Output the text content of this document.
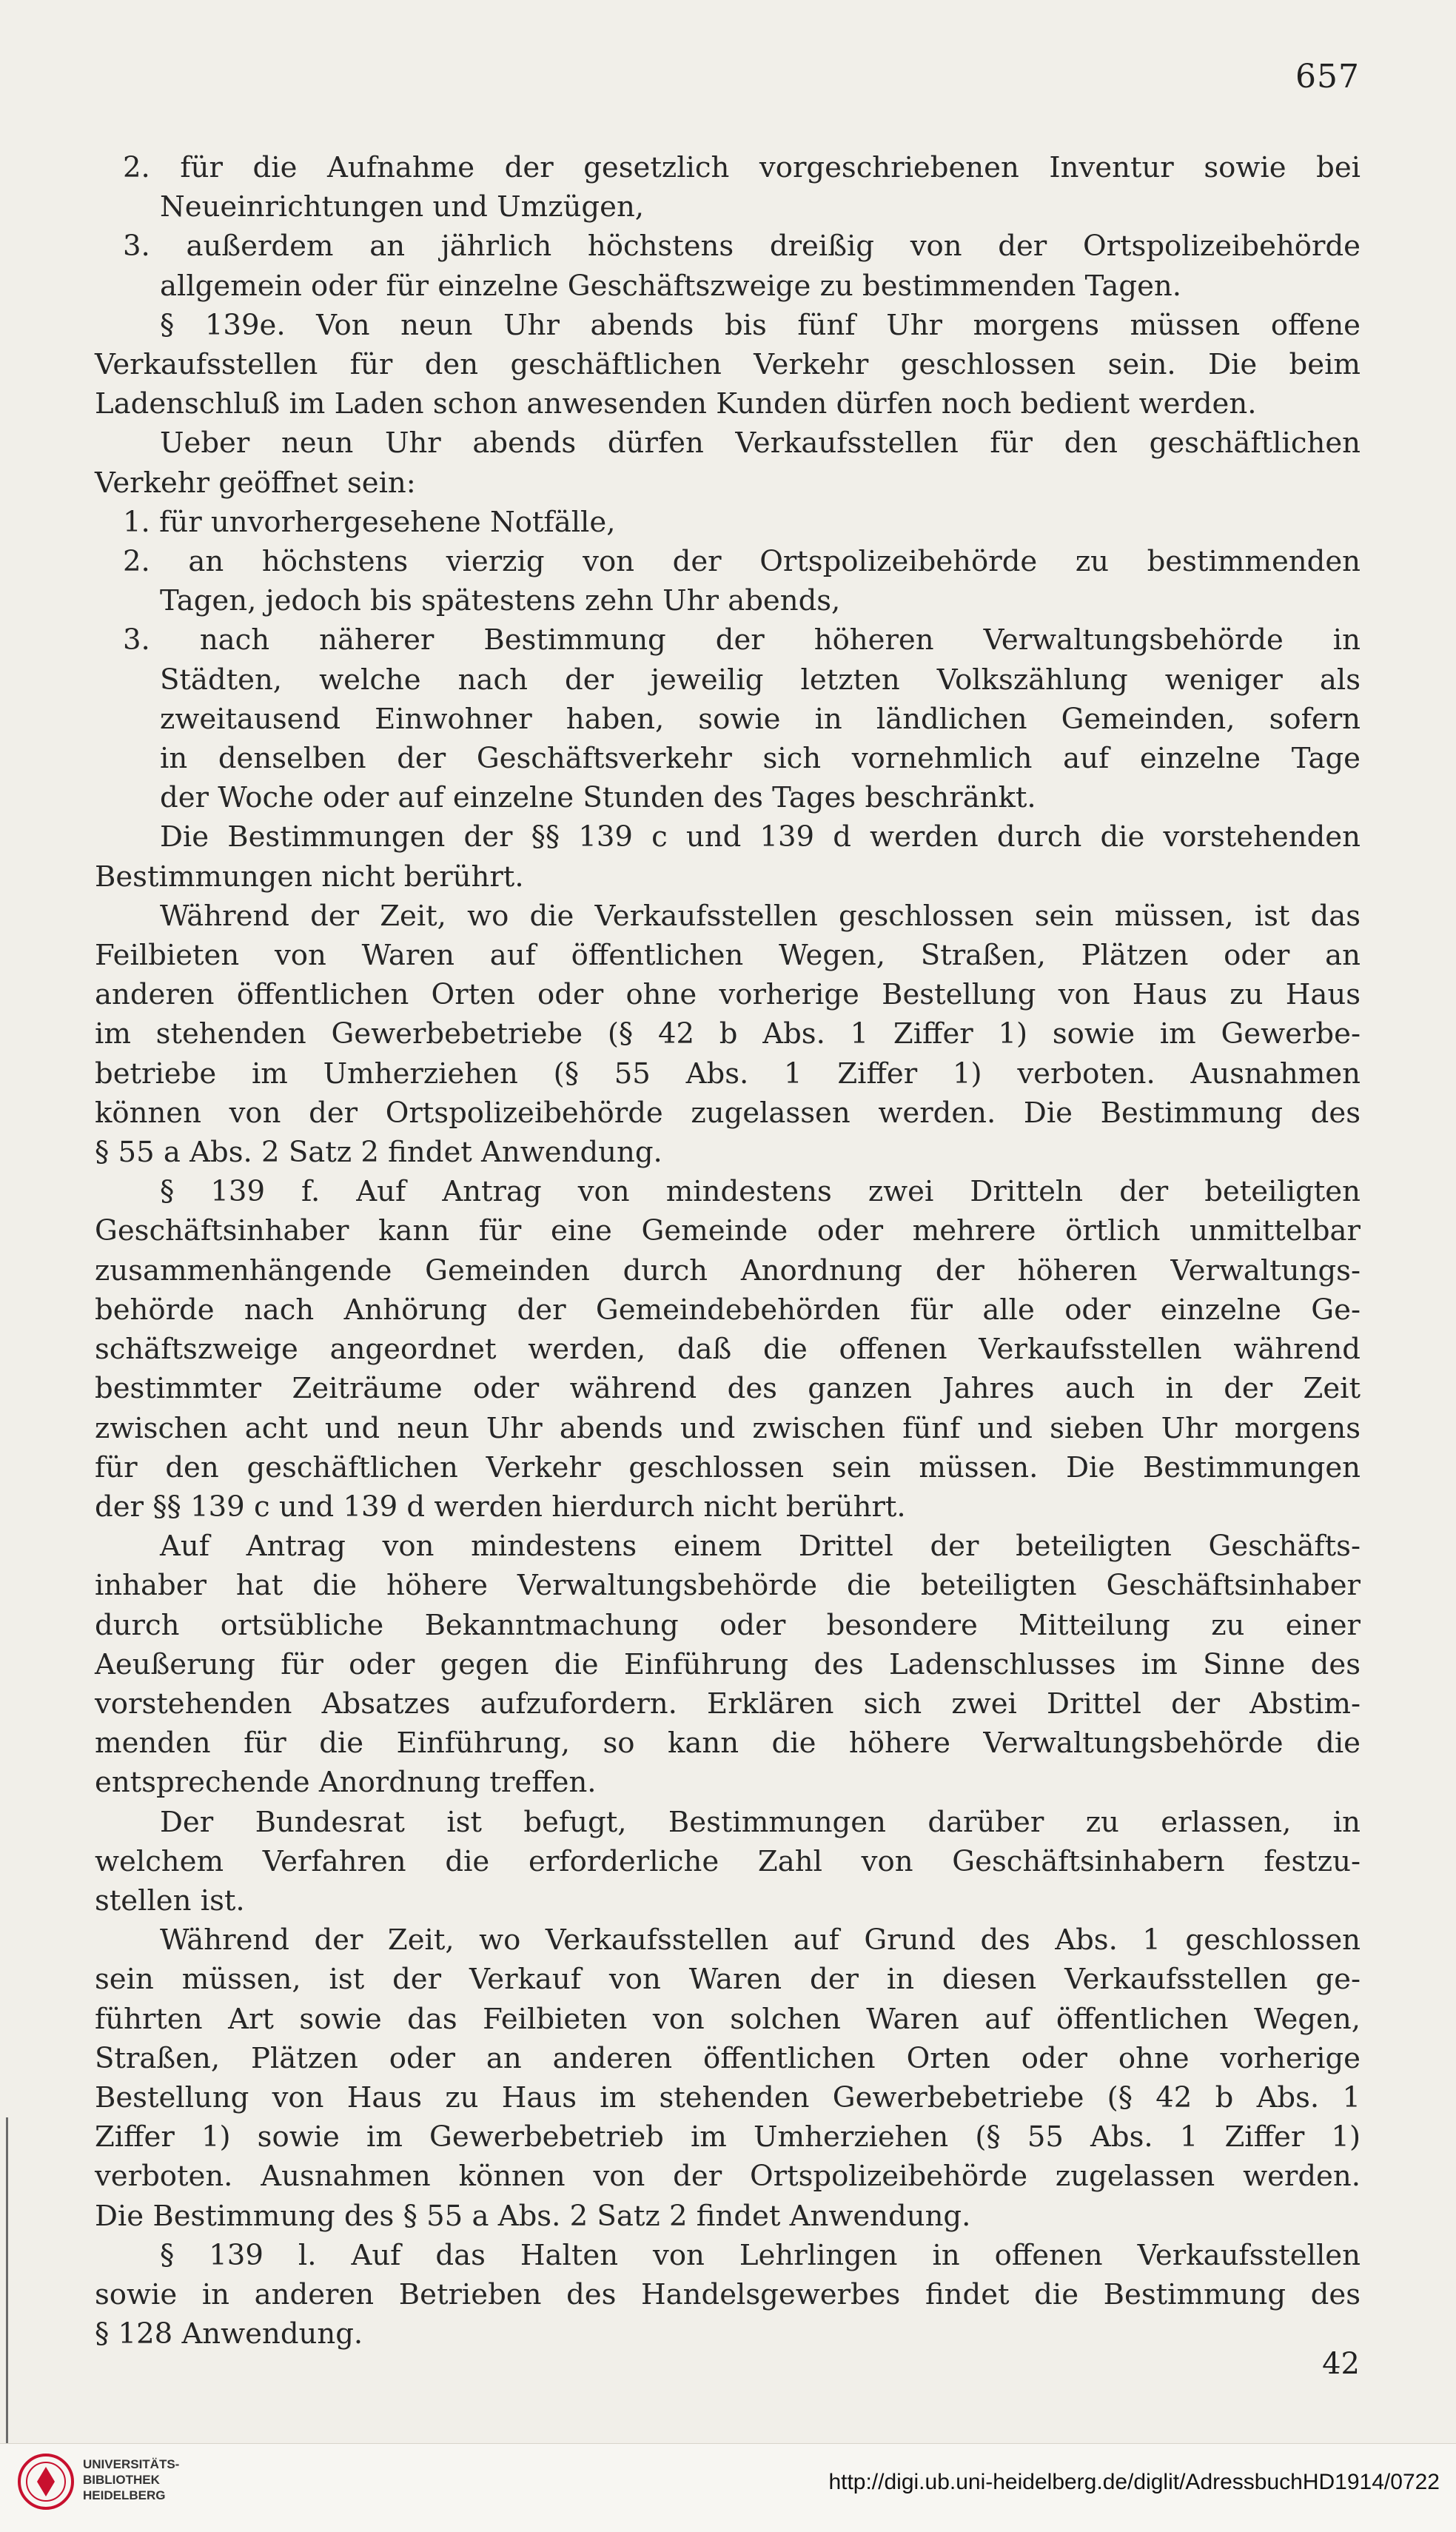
657
2. für die Aufnahme der gesetzlich vorgeschriebenen Inventur sowie bei
Neueinrichtungen und Umzügen,
3. außerdem an jährlich höchstens dreißig von der Ortspolizeibehörde
allgemein oder für einzelne Geschäftszweige zu bestimmenden Tagen.
§ 139e. Von neun Uhr abends bis fünf Uhr morgens müssen offene
Verkaufsstellen für den geschäftlichen Verkehr geschlossen sein. Die beim
Ladenschluß im Laden schon anwesenden Kunden dürfen noch bedient werden.
Ueber neun Uhr abends dürfen Verkaufsstellen für den geschäftlichen
Verkehr geöffnet sein:
1. für unvorhergesehene Notfälle,
2. an höchstens vierzig von der Ortspolizeibehörde zu bestimmenden
Tagen, jedoch bis spätestens zehn Uhr abends,
3. nach näherer Bestimmung der höheren Verwaltungsbehörde in
Städten, welche nach der jeweilig letzten Volkszählung weniger als
zweitausend Einwohner haben, sowie in ländlichen Gemeinden, sofern
in denselben der Geschäftsverkehr sich vornehmlich auf einzelne Tage
der Woche oder auf einzelne Stunden des Tages beschränkt.
Die Bestimmungen der §§ 139 c und 139 d werden durch die vorstehenden
Bestimmungen nicht berührt.
Während der Zeit, wo die Verkaufsstellen geschlossen sein müssen, ist das
Feilbieten von Waren auf öffentlichen Wegen, Straßen, Plätzen oder an
anderen öffentlichen Orten oder ohne vorherige Bestellung von Haus zu Haus
im stehenden Gewerbebetriebe (§ 42 b Abs. 1 Ziffer 1) sowie im Gewerbe-
betriebe im Umherziehen (§ 55 Abs. 1 Ziffer 1) verboten. Ausnahmen
können von der Ortspolizeibehörde zugelassen werden. Die Bestimmung des
§ 55 a Abs. 2 Satz 2 findet Anwendung.
§ 139 f. Auf Antrag von mindestens zwei Dritteln der beteiligten
Geschäftsinhaber kann für eine Gemeinde oder mehrere örtlich unmittelbar
zusammenhängende Gemeinden durch Anordnung der höheren Verwaltungs-
behörde nach Anhörung der Gemeindebehörden für alle oder einzelne Ge-
schäftszweige angeordnet werden, daß die offenen Verkaufsstellen während
bestimmter Zeiträume oder während des ganzen Jahres auch in der Zeit
zwischen acht und neun Uhr abends und zwischen fünf und sieben Uhr morgens
für den geschäftlichen Verkehr geschlossen sein müssen. Die Bestimmungen
der §§ 139 c und 139 d werden hierdurch nicht berührt.
Auf Antrag von mindestens einem Drittel der beteiligten Geschäfts-
inhaber hat die höhere Verwaltungsbehörde die beteiligten Geschäftsinhaber
durch ortsübliche Bekanntmachung oder besondere Mitteilung zu einer
Aeußerung für oder gegen die Einführung des Ladenschlusses im Sinne des
vorstehenden Absatzes aufzufordern. Erklären sich zwei Drittel der Abstim-
menden für die Einführung, so kann die höhere Verwaltungsbehörde die
entsprechende Anordnung treffen.
Der Bundesrat ist befugt, Bestimmungen darüber zu erlassen, in
welchem Verfahren die erforderliche Zahl von Geschäftsinhabern festzu-
stellen ist.
Während der Zeit, wo Verkaufsstellen auf Grund des Abs. 1 geschlossen
sein müssen, ist der Verkauf von Waren der in diesen Verkaufsstellen ge-
führten Art sowie das Feilbieten von solchen Waren auf öffentlichen Wegen,
Straßen, Plätzen oder an anderen öffentlichen Orten oder ohne vorherige
Bestellung von Haus zu Haus im stehenden Gewerbebetriebe (§ 42 b Abs. 1
Ziffer 1) sowie im Gewerbebetrieb im Umherziehen (§ 55 Abs. 1 Ziffer 1)
verboten. Ausnahmen können von der Ortspolizeibehörde zugelassen werden.
Die Bestimmung des § 55 a Abs. 2 Satz 2 findet Anwendung.
§ 139 l. Auf das Halten von Lehrlingen in offenen Verkaufsstellen
sowie in anderen Betrieben des Handelsgewerbes findet die Bestimmung des
§ 128 Anwendung.
42
UNIVERSITÄTS-
BIBLIOTHEK
HEIDELBERG
http://digi.ub.uni-heidelberg.de/diglit/AdressbuchHD1914/0722
